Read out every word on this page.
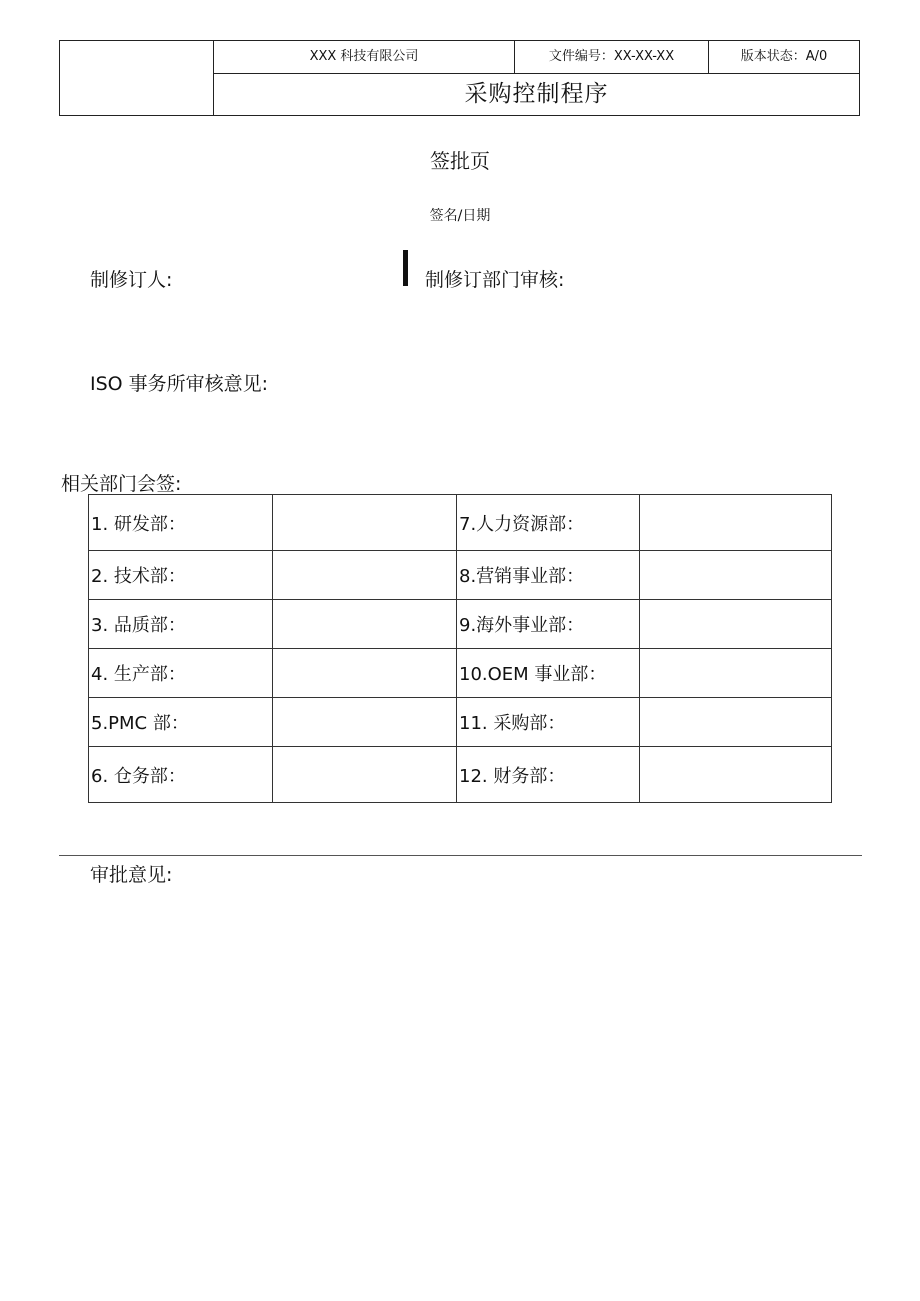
XXX 科技有限公司	文件编号：XX-XX-XX	版本状态：A/0
采购控制程序
签批页
签名/日期
制修订人:	制修订部门审核:
ISO 事务所审核意见:
相关部门会签:
1. 研发部：		7.人力资源部：	
2. 技术部：		8.营销事业部：	
3. 品质部：		9.海外事业部：	
4. 生产部：		10.OEM 事业部：	
5.PMC 部：		11. 采购部：	
6. 仓务部：		12. 财务部：	
审批意见:
